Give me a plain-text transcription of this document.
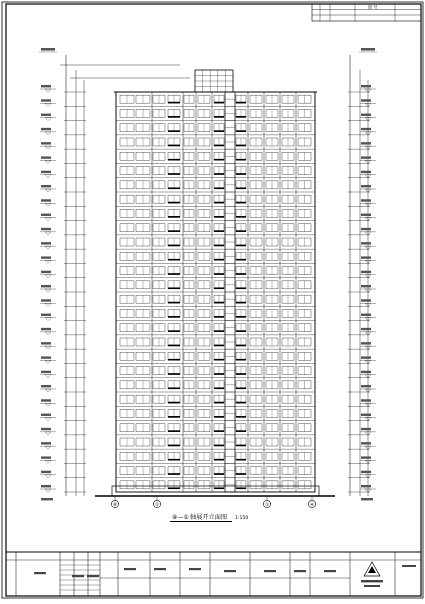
图 号
⑧	①	①	④
⑧—① 轴展开立面图 1:150
